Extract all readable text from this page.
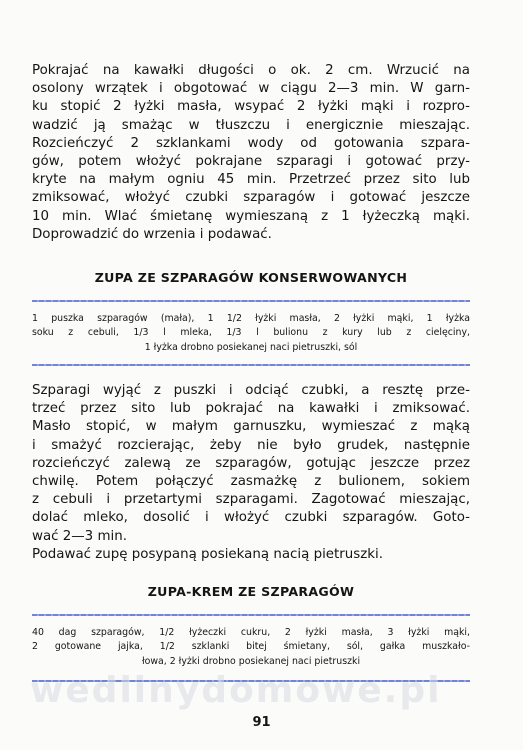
Pokrajać na kawałki długości o ok. 2 cm. Wrzucić na
osolony wrzątek i obgotować w ciągu 2—3 min. W garn-
ku stopić 2 łyżki masła, wsypać 2 łyżki mąki i rozpro-
wadzić ją smażąc w tłuszczu i energicznie mieszając.
Rozcieńczyć 2 szklankami wody od gotowania szpara-
gów, potem włożyć pokrajane szparagi i gotować przy-
kryte na małym ogniu 45 min. Przetrzeć przez sito lub
zmiksować, włożyć czubki szparagów i gotować jeszcze
10 min. Wlać śmietanę wymieszaną z 1 łyżeczką mąki.
Doprowadzić do wrzenia i podawać.
ZUPA ZE SZPARAGÓW KONSERWOWANYCH
1 puszka szparagów (mała), 1 1/2 łyżki masła, 2 łyżki mąki, 1 łyżka
soku z cebuli, 1/3 l mleka, 1/3 l bulionu z kury lub z cielęciny,
1 łyżka drobno posiekanej naci pietruszki, sól
Szparagi wyjąć z puszki i odciąć czubki, a resztę prze-
trzeć przez sito lub pokrajać na kawałki i zmiksować.
Masło stopić, w małym garnuszku, wymieszać z mąką
i smażyć rozcierając, żeby nie było grudek, następnie
rozcieńczyć zalewą ze szparagów, gotując jeszcze przez
chwilę. Potem połączyć zasmażkę z bulionem, sokiem
z cebuli i przetartymi szparagami. Zagotować mieszając,
dolać mleko, dosolić i włożyć czubki szparagów. Goto-
wać 2—3 min.
Podawać zupę posypaną posiekaną nacią pietruszki.
ZUPA-KREM ZE SZPARAGÓW
40 dag szparagów, 1/2 łyżeczki cukru, 2 łyżki masła, 3 łyżki mąki,
2 gotowane jajka, 1/2 szklanki bitej śmietany, sól, gałka muszkało-
łowa, 2 łyżki drobno posiekanej naci pietruszki
wedlinydomowe.pl
91
